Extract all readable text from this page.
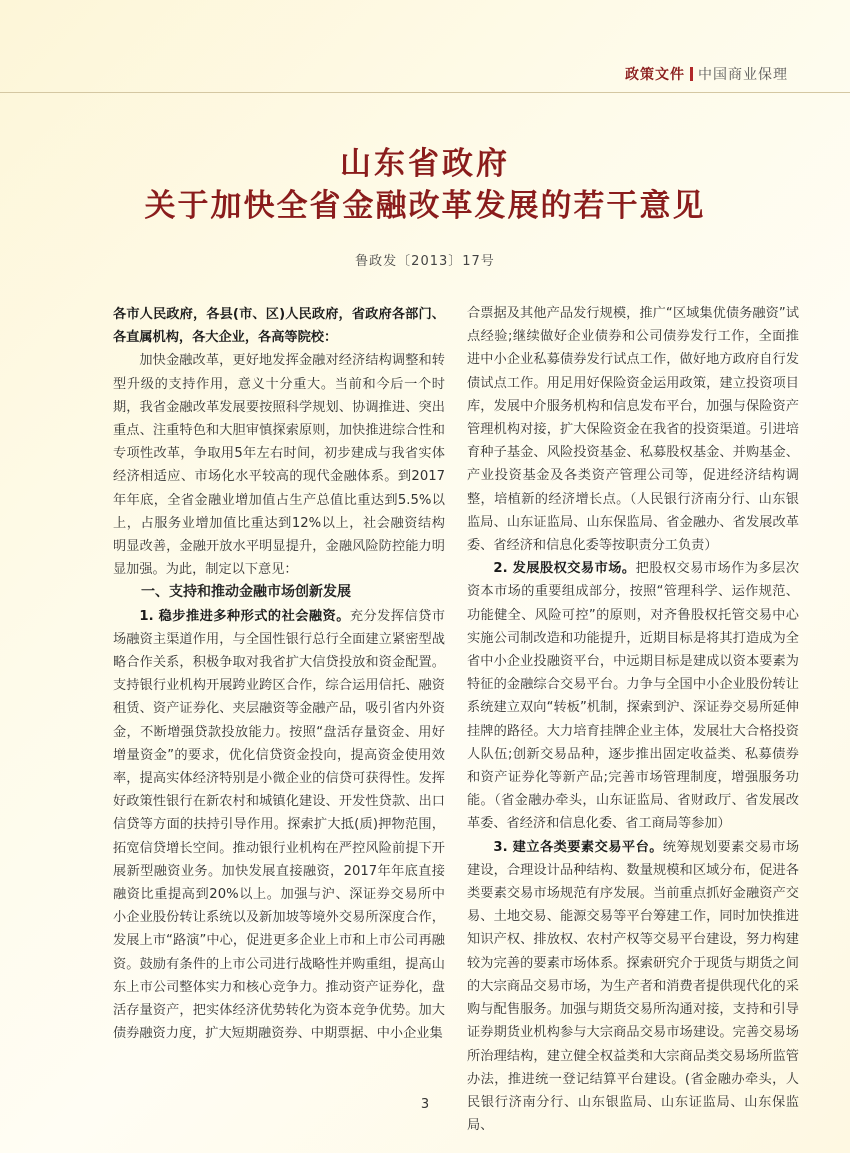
政策文件 中国商业保理
山东省政府
关于加快全省金融改革发展的若干意见
鲁政发〔2013〕17号

各市人民政府，各县(市、区)人民政府，省政府各部门、各直属机构，各大企业，各高等院校：

加快金融改革，更好地发挥金融对经济结构调整和转型升级的支持作用，意义十分重大。当前和今后一个时期，我省金融改革发展要按照科学规划、协调推进、突出重点、注重特色和大胆审慎探索原则，加快推进综合性和专项性改革，争取用5年左右时间，初步建成与我省实体经济相适应、市场化水平较高的现代金融体系。到2017年年底，全省金融业增加值占生产总值比重达到5.5%以上，占服务业增加值比重达到12%以上，社会融资结构明显改善，金融开放水平明显提升，金融风险防控能力明显加强。为此，制定以下意见：

一、支持和推动金融市场创新发展

1. 稳步推进多种形式的社会融资。充分发挥信贷市场融资主渠道作用，与全国性银行总行全面建立紧密型战略合作关系，积极争取对我省扩大信贷投放和资金配置。支持银行业机构开展跨业跨区合作，综合运用信托、融资租赁、资产证券化、夹层融资等金融产品，吸引省内外资金，不断增强贷款投放能力。按照“盘活存量资金、用好增量资金”的要求，优化信贷资金投向，提高资金使用效率，提高实体经济特别是小微企业的信贷可获得性。发挥好政策性银行在新农村和城镇化建设、开发性贷款、出口信贷等方面的扶持引导作用。探索扩大抵(质)押物范围，拓宽信贷增长空间。推动银行业机构在严控风险前提下开展新型融资业务。加快发展直接融资，2017年年底直接融资比重提高到20%以上。加强与沪、深证券交易所中小企业股份转让系统以及新加坡等境外交易所深度合作，发展上市“路演”中心，促进更多企业上市和上市公司再融资。鼓励有条件的上市公司进行战略性并购重组，提高山东上市公司整体实力和核心竞争力。推动资产证券化，盘活存量资产，把实体经济优势转化为资本竞争优势。加大债券融资力度，扩大短期融资券、中期票据、中小企业集

合票据及其他产品发行规模，推广“区域集优债务融资”试点经验;继续做好企业债券和公司债券发行工作，全面推进中小企业私募债券发行试点工作，做好地方政府自行发债试点工作。用足用好保险资金运用政策，建立投资项目库，发展中介服务机构和信息发布平台，加强与保险资产管理机构对接，扩大保险资金在我省的投资渠道。引进培育种子基金、风险投资基金、私募股权基金、并购基金、产业投资基金及各类资产管理公司等，促进经济结构调整，培植新的经济增长点。（人民银行济南分行、山东银监局、山东证监局、山东保监局、省金融办、省发展改革委、省经济和信息化委等按职责分工负责）

2. 发展股权交易市场。把股权交易市场作为多层次资本市场的重要组成部分，按照“管理科学、运作规范、功能健全、风险可控”的原则，对齐鲁股权托管交易中心实施公司制改造和功能提升，近期目标是将其打造成为全省中小企业投融资平台，中远期目标是建成以资本要素为特征的金融综合交易平台。力争与全国中小企业股份转让系统建立双向“转板”机制，探索到沪、深证券交易所延伸挂牌的路径。大力培育挂牌企业主体，发展壮大合格投资人队伍;创新交易品种，逐步推出固定收益类、私募债券和资产证券化等新产品;完善市场管理制度，增强服务功能。（省金融办牵头，山东证监局、省财政厅、省发展改革委、省经济和信息化委、省工商局等参加）

3. 建立各类要素交易平台。统筹规划要素交易市场建设，合理设计品种结构、数量规模和区域分布，促进各类要素交易市场规范有序发展。当前重点抓好金融资产交易、土地交易、能源交易等平台筹建工作，同时加快推进知识产权、排放权、农村产权等交易平台建设，努力构建较为完善的要素市场体系。探索研究介于现货与期货之间的大宗商品交易市场，为生产者和消费者提供现代化的采购与配售服务。加强与期货交易所沟通对接，支持和引导证券期货业机构参与大宗商品交易市场建设。完善交易场所治理结构，建立健全权益类和大宗商品类交易场所监管办法，推进统一登记结算平台建设。(省金融办牵头，人民银行济南分行、山东银监局、山东证监局、山东保监局、

3
